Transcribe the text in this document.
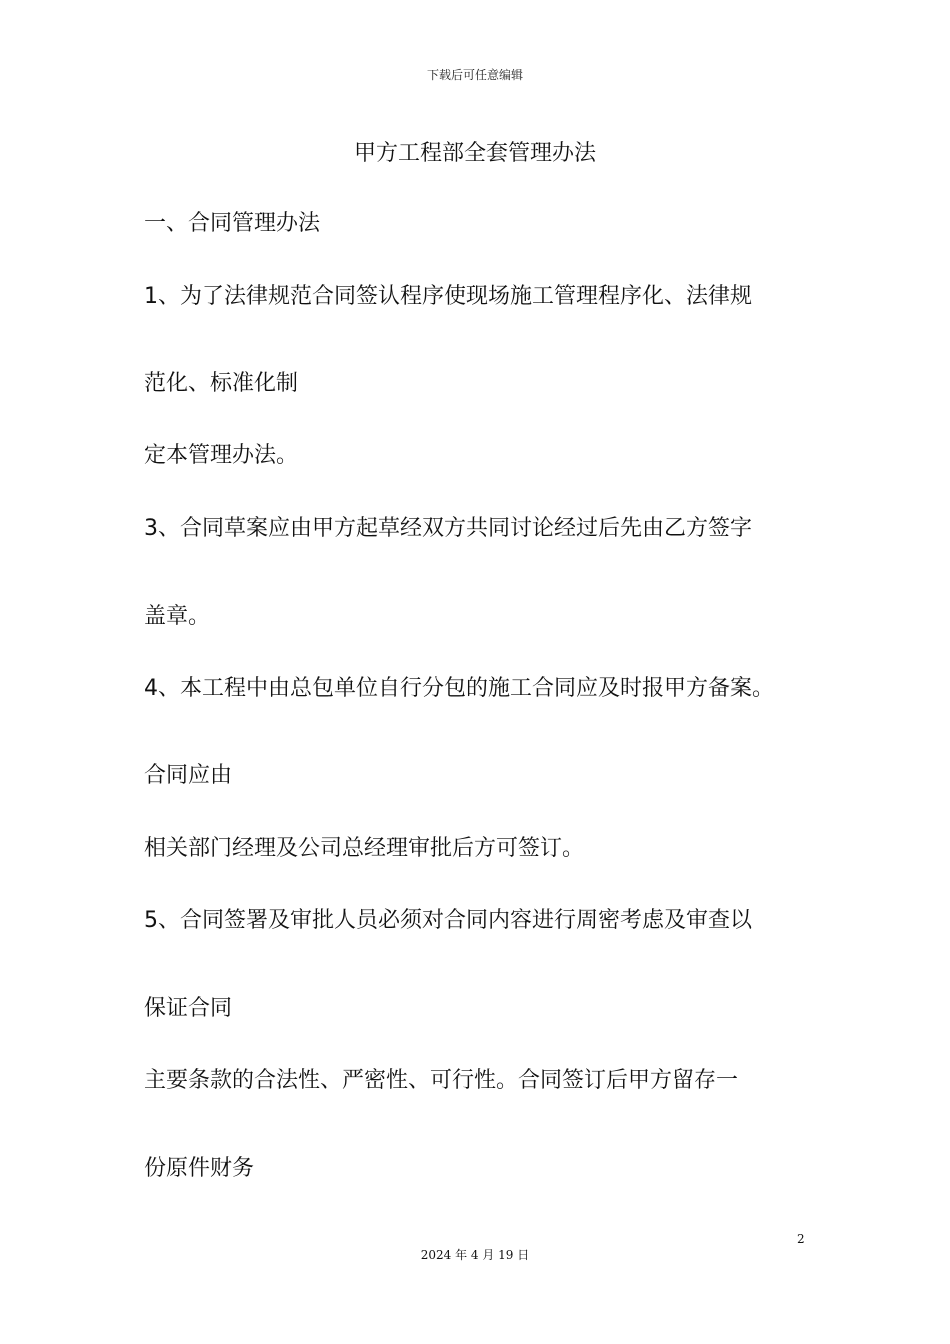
下载后可任意编辑
甲方工程部全套管理办法
一、合同管理办法
1、为了法律规范合同签认程序使现场施工管理程序化、法律规
范化、标准化制
定本管理办法。
3、合同草案应由甲方起草经双方共同讨论经过后先由乙方签字
盖章。
4、本工程中由总包单位自行分包的施工合同应及时报甲方备案。
合同应由
相关部门经理及公司总经理审批后方可签订。
5、合同签署及审批人员必须对合同内容进行周密考虑及审查以
保证合同
主要条款的合法性、严密性、可行性。合同签订后甲方留存一
份原件财务
2
2024 年 4 月 19 日
